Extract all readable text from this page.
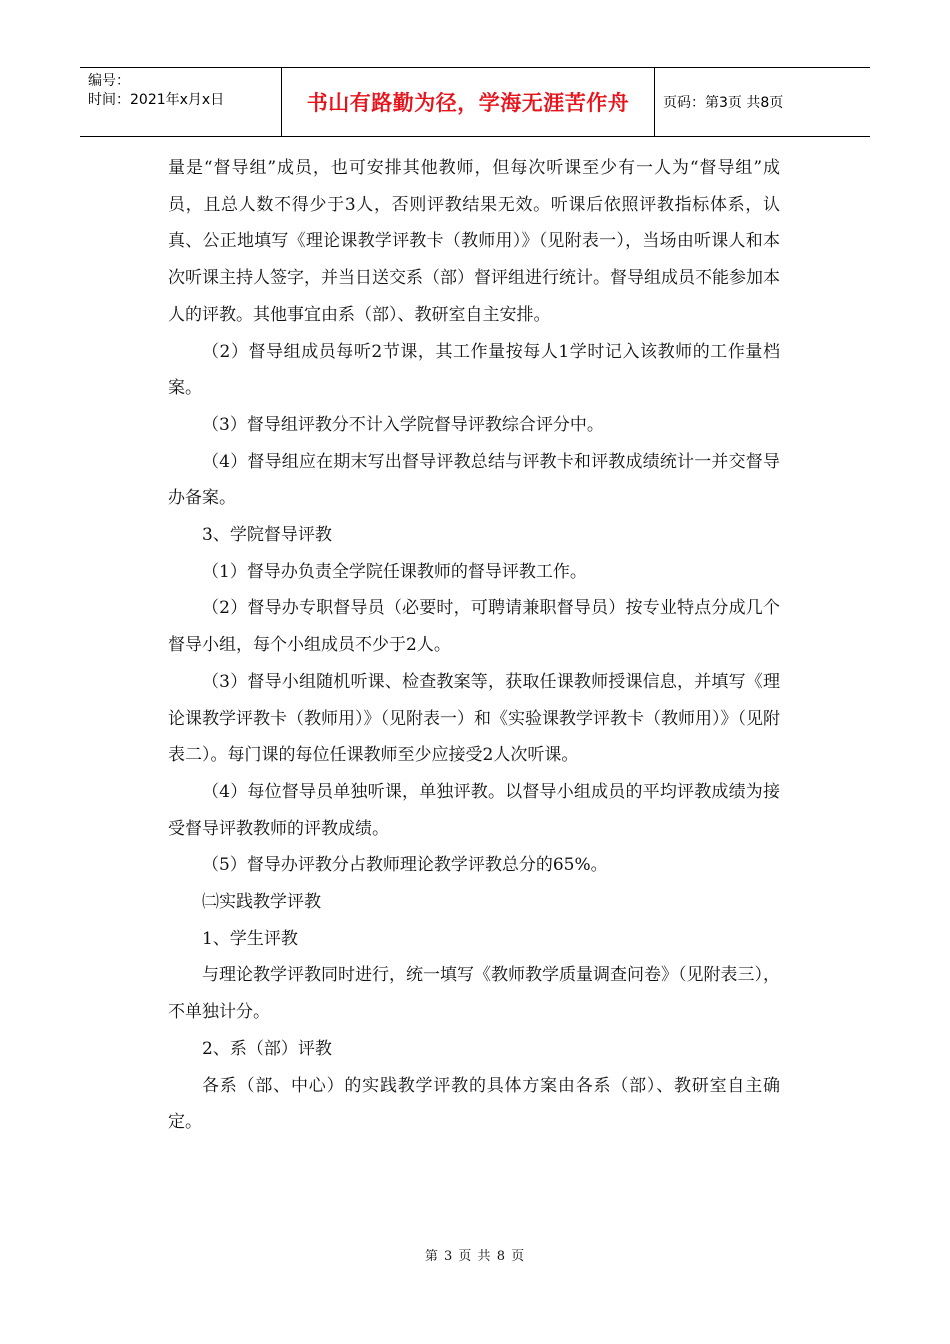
编号：
时间：2021年x月x日	书山有路勤为径，学海无涯苦作舟 页码：第3页 共8页

量是“督导组”成员，也可安排其他教师，但每次听课至少有一人为“督导组”成员，且总人数不得少于3人，否则评教结果无效。听课后依照评教指标体系，认真、公正地填写《理论课教学评教卡（教师用）》（见附表一），当场由听课人和本次听课主持人签字，并当日送交系（部）督评组进行统计。督导组成员不能参加本人的评教。其他事宜由系（部）、教研室自主安排。

（2）督导组成员每听2节课，其工作量按每人1学时记入该教师的工作量档案。

（3）督导组评教分不计入学院督导评教综合评分中。

（4）督导组应在期末写出督导评教总结与评教卡和评教成绩统计一并交督导办备案。

3、学院督导评教

（1）督导办负责全学院任课教师的督导评教工作。

（2）督导办专职督导员（必要时，可聘请兼职督导员）按专业特点分成几个督导小组，每个小组成员不少于2人。

（3）督导小组随机听课、检查教案等，获取任课教师授课信息，并填写《理论课教学评教卡（教师用）》（见附表一）和《实验课教学评教卡（教师用）》（见附表二）。每门课的每位任课教师至少应接受2人次听课。

（4）每位督导员单独听课，单独评教。以督导小组成员的平均评教成绩为接受督导评教教师的评教成绩。

（5）督导办评教分占教师理论教学评教总分的65%。

㈡实践教学评教

1、学生评教

与理论教学评教同时进行，统一填写《教师教学质量调查问卷》（见附表三），不单独计分。

2、系（部）评教

各系（部、中心）的实践教学评教的具体方案由各系（部）、教研室自主确定。

第 3 页 共 8 页
